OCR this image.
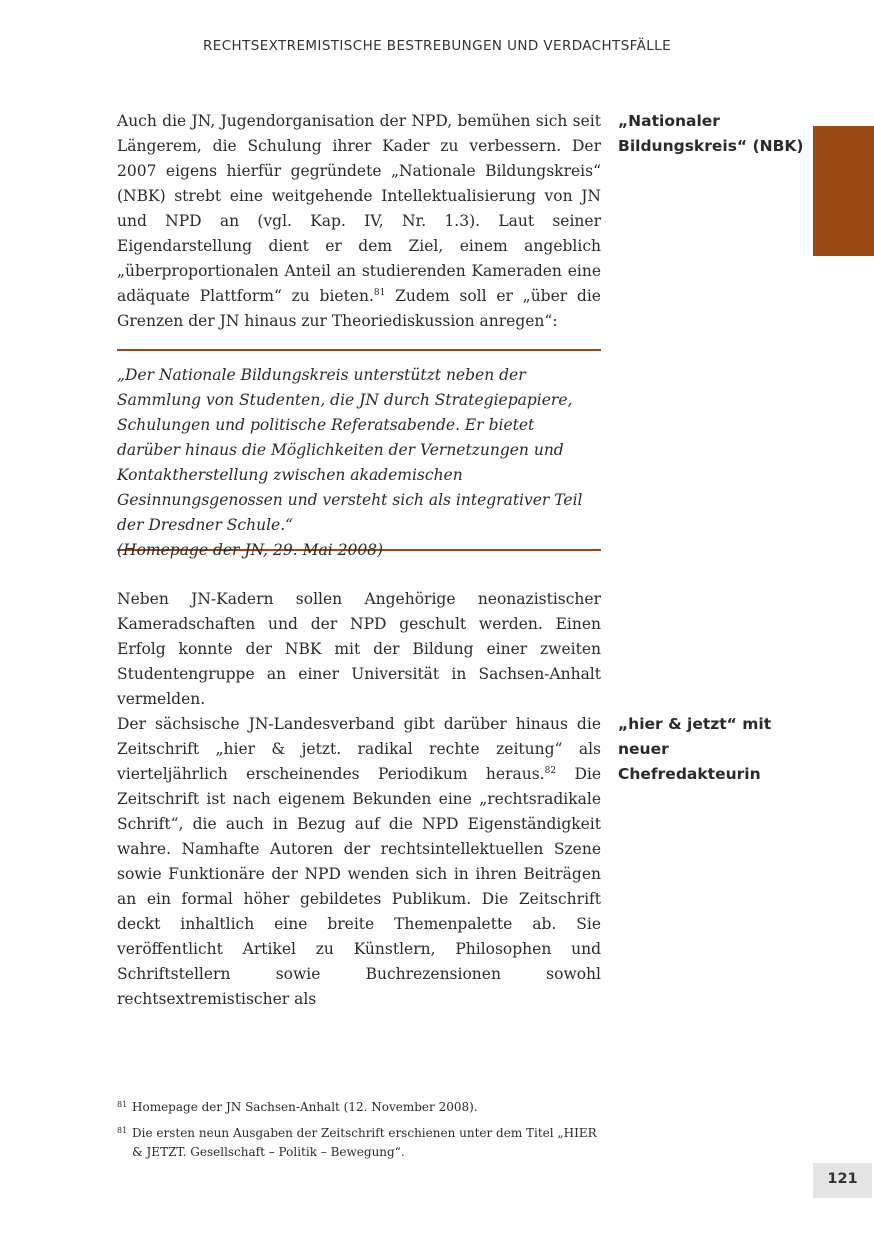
RECHTSEXTREMISTISCHE BESTREBUNGEN UND VERDACHTSFÄLLE
„Nationaler Bildungskreis“ (NBK)

Auch die JN, Jugendorganisation der NPD, bemühen sich seit Längerem, die Schulung ihrer Kader zu verbessern. Der 2007 eigens hierfür gegründete „Nationale Bildungskreis“ (NBK) strebt eine weitgehende Intellektualisierung von JN und NPD an (vgl. Kap. IV, Nr. 1.3). Laut seiner Eigendarstellung dient er dem Ziel, einem angeblich „überproportionalen Anteil an studierenden Kameraden eine adäquate Plattform“ zu bieten.$^{81}$ Zudem soll er „über die Grenzen der JN hinaus zur Theoriediskussion anregen“:

„Der Nationale Bildungskreis unterstützt neben der Sammlung von Studenten, die JN durch Strategiepapiere, Schulungen und politische Referatsabende. Er bietet darüber hinaus die Möglichkeiten der Vernetzungen und Kontaktherstellung zwischen akademischen Gesinnungsgenossen und versteht sich als integrativer Teil der Dresdner Schule.“
(Homepage der JN, 29. Mai 2008)

Neben JN-Kadern sollen Angehörige neonazistischer Kameradschaften und der NPD geschult werden. Einen Erfolg konnte der NBK mit der Bildung einer zweiten Studentengruppe an einer Universität in Sachsen-Anhalt vermelden.

„hier & jetzt“ mit neuer Chefredakteurin

Der sächsische JN-Landesverband gibt darüber hinaus die Zeitschrift „hier & jetzt. radikal rechte zeitung“ als vierteljährlich erscheinendes Periodikum heraus.$^{82}$ Die Zeitschrift ist nach eigenem Bekunden eine „rechtsradikale Schrift“, die auch in Bezug auf die NPD Eigenständigkeit wahre. Namhafte Autoren der rechtsintellektuellen Szene sowie Funktionäre der NPD wenden sich in ihren Beiträgen an ein formal höher gebildetes Publikum. Die Zeitschrift deckt inhaltlich eine breite Themenpalette ab. Sie veröffentlicht Artikel zu Künstlern, Philosophen und Schriftstellern sowie Buchrezensionen sowohl rechtsextremistischer als

81 Homepage der JN Sachsen-Anhalt (12. November 2008).
81 Die ersten neun Ausgaben der Zeitschrift erschienen unter dem Titel „HIER & JETZT. Gesellschaft – Politik – Bewegung“.
121
